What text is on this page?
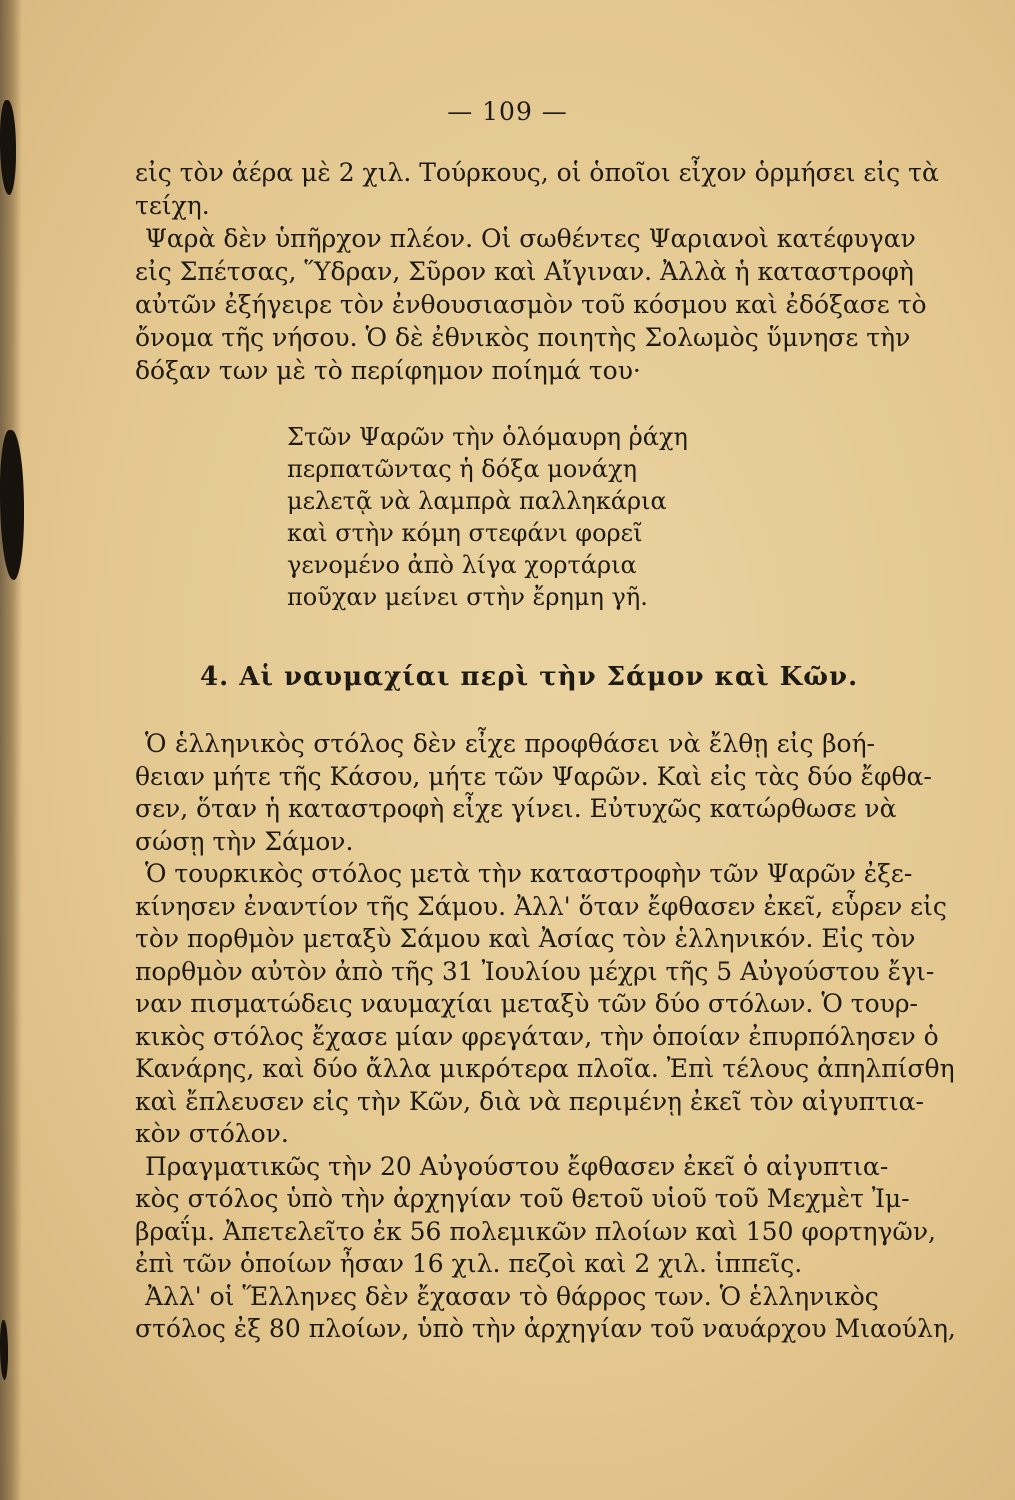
— 109 —
εἰς τὸν ἀέρα μὲ 2 χιλ. Τούρκους, οἱ ὁποῖοι εἶχον ὁρμήσει εἰς τὰ
τείχη.
Ψαρὰ δὲν ὑπῆρχον πλέον. Οἱ σωθέντες Ψαριανοὶ κατέφυγαν
εἰς Σπέτσας, Ὕδραν, Σῦρον καὶ Αἴγιναν. Ἀλλὰ ἡ καταστροφὴ
αὐτῶν ἐξήγειρε τὸν ἐνθουσιασμὸν τοῦ κόσμου καὶ ἐδόξασε τὸ
ὄνομα τῆς νήσου. Ὁ δὲ ἐθνικὸς ποιητὴς Σολωμὸς ὕμνησε τὴν
δόξαν των μὲ τὸ περίφημον ποίημά του·
Στῶν Ψαρῶν τὴν ὁλόμαυρη ῥάχη
περπατῶντας ἡ δόξα μονάχη
μελετᾷ νὰ λαμπρὰ παλληκάρια
καὶ στὴν κόμη στεφάνι φορεῖ
γενομένο ἀπὸ λίγα χορτάρια
ποῦχαν μείνει στὴν ἔρημη γῆ.
4. Αἱ ναυμαχίαι περὶ τὴν Σάμον καὶ Κῶν.
Ὁ ἑλληνικὸς στόλος δὲν εἶχε προφθάσει νὰ ἔλθῃ εἰς βοή-
θειαν μήτε τῆς Κάσου, μήτε τῶν Ψαρῶν. Καὶ εἰς τὰς δύο ἔφθα-
σεν, ὅταν ἡ καταστροφὴ εἶχε γίνει. Εὐτυχῶς κατώρθωσε νὰ
σώσῃ τὴν Σάμον.
Ὁ τουρκικὸς στόλος μετὰ τὴν καταστροφὴν τῶν Ψαρῶν ἐξε-
κίνησεν ἐναντίον τῆς Σάμου. Ἀλλ' ὅταν ἔφθασεν ἐκεῖ, εὗρεν εἰς
τὸν πορθμὸν μεταξὺ Σάμου καὶ Ἀσίας τὸν ἑλληνικόν. Εἰς τὸν
πορθμὸν αὐτὸν ἀπὸ τῆς 31 Ἰουλίου μέχρι τῆς 5 Αὐγούστου ἔγι-
ναν πισματώδεις ναυμαχίαι μεταξὺ τῶν δύο στόλων. Ὁ τουρ-
κικὸς στόλος ἔχασε μίαν φρεγάταν, τὴν ὁποίαν ἐπυρπόλησεν ὁ
Κανάρης, καὶ δύο ἄλλα μικρότερα πλοῖα. Ἐπὶ τέλους ἀπηλπίσθη
καὶ ἔπλευσεν εἰς τὴν Κῶν, διὰ νὰ περιμένῃ ἐκεῖ τὸν αἰγυπτια-
κὸν στόλον.
Πραγματικῶς τὴν 20 Αὐγούστου ἔφθασεν ἐκεῖ ὁ αἰγυπτια-
κὸς στόλος ὑπὸ τὴν ἀρχηγίαν τοῦ θετοῦ υἱοῦ τοῦ Μεχμὲτ Ἰμ-
βραΐμ. Ἀπετελεῖτο ἐκ 56 πολεμικῶν πλοίων καὶ 150 φορτηγῶν,
ἐπὶ τῶν ὁποίων ἦσαν 16 χιλ. πεζοὶ καὶ 2 χιλ. ἱππεῖς.
Ἀλλ' οἱ Ἕλληνες δὲν ἔχασαν τὸ θάρρος των. Ὁ ἑλληνικὸς
στόλος ἐξ 80 πλοίων, ὑπὸ τὴν ἀρχηγίαν τοῦ ναυάρχου Μιαούλη,
